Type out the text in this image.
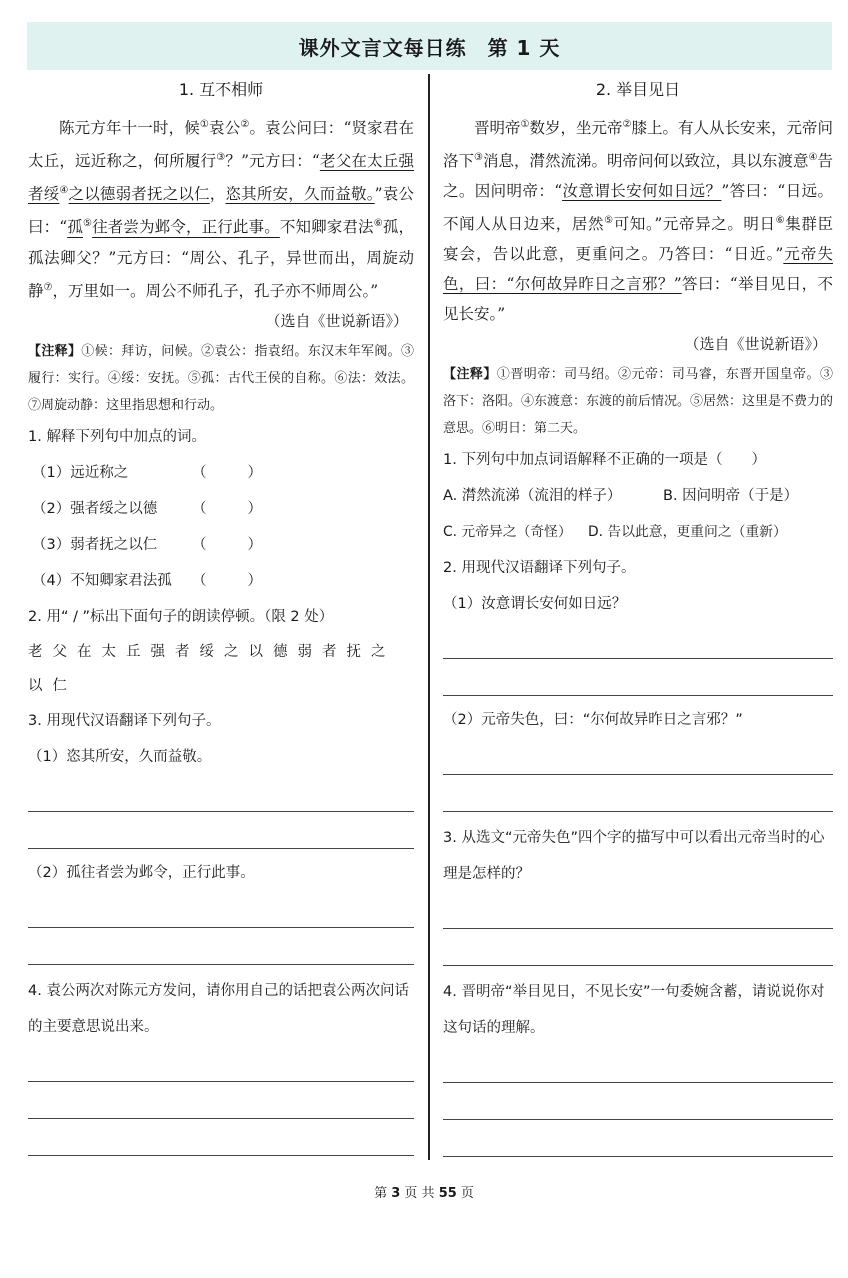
课外文言文每日练　第 1 天
1. 互不相师

陈元方年十一时，候①袁公②。袁公问曰：“贤家君在太丘，远近称之，何所履行③？”元方曰：“老父在太丘强者绥④之以德弱者抚之以仁，恣其所安，久而益敬。”袁公曰：“孤⑤往者尝为邺令，正行此事。不知卿家君法⑥孤，孤法卿父？”元方曰：“周公、孔子，异世而出，周旋动静⑦，万里如一。周公不师孔子，孔子亦不师周公。”

（选自《世说新语》）
【注释】①候：拜访，问候。②袁公：指袁绍。东汉末年军阀。③履行：实行。④绥：安抚。⑤孤：古代王侯的自称。⑥法：效法。⑦周旋动静：这里指思想和行动。
1. 解释下列句中加点的词。
（1）远近称之	（	）
（2）强者绥之以德	（	）
（3）弱者抚之以仁	（	）
（4）不知卿家君法孤	（	）
2. 用“ / ”标出下面句子的朗读停顿。（限 2 处）
老父在太丘强者绥之以德弱者抚之以仁
3. 用现代汉语翻译下列句子。
（1）恣其所安，久而益敬。
（2）孤往者尝为邺令，正行此事。
4. 袁公两次对陈元方发问，请你用自己的话把袁公两次问话的主要意思说出来。
2. 举目见日

晋明帝①数岁，坐元帝②膝上。有人从长安来，元帝问洛下③消息，潸然流涕。明帝问何以致泣，具以东渡意④告之。因问明帝：“汝意谓长安何如日远？”答曰：“日远。不闻人从日边来，居然⑤可知。”元帝异之。明日⑥集群臣宴会，告以此意，更重问之。乃答曰：“日近。”元帝失色，曰：“尔何故异昨日之言邪？”答曰：“举目见日，不见长安。”

（选自《世说新语》）
【注释】①晋明帝：司马绍。②元帝：司马睿，东晋开国皇帝。③洛下：洛阳。④东渡意：东渡的前后情况。⑤居然：这里是不费力的意思。⑥明日：第二天。
1. 下列句中加点词语解释不正确的一项是（　　）
A. 潸然流涕（流泪的样子）	B. 因问明帝（于是）
C. 元帝异之（奇怪）	D. 告以此意，更重问之（重新）
2. 用现代汉语翻译下列句子。
（1）汝意谓长安何如日远？
（2）元帝失色，曰：“尔何故异昨日之言邪？”
3. 从选文“元帝失色”四个字的描写中可以看出元帝当时的心理是怎样的？
4. 晋明帝“举目见日，不见长安”一句委婉含蓄，请说说你对这句话的理解。
第 3 页 共 55 页
